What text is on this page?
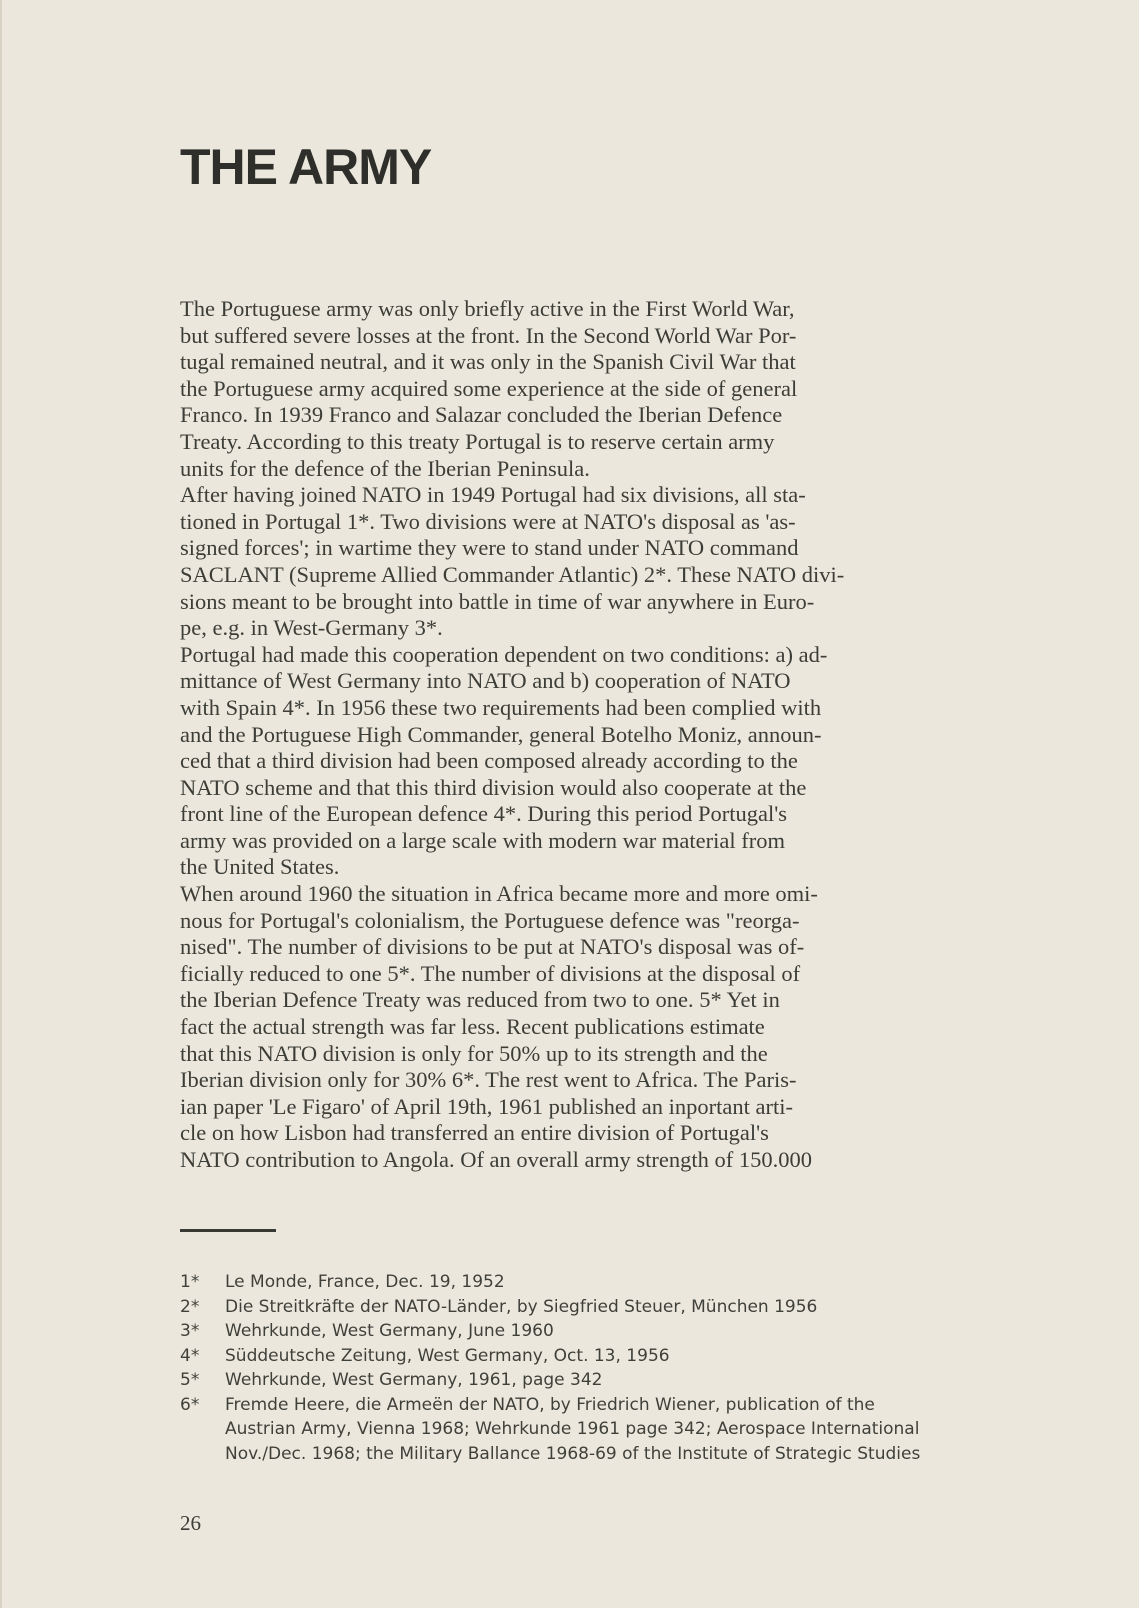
THE ARMY
The Portuguese army was only briefly active in the First World War,
but suffered severe losses at the front. In the Second World War Por-
tugal remained neutral, and it was only in the Spanish Civil War that
the Portuguese army acquired some experience at the side of general
Franco. In 1939 Franco and Salazar concluded the Iberian Defence
Treaty. According to this treaty Portugal is to reserve certain army
units for the defence of the Iberian Peninsula.
After having joined NATO in 1949 Portugal had six divisions, all sta-
tioned in Portugal 1*. Two divisions were at NATO's disposal as 'as-
signed forces'; in wartime they were to stand under NATO command
SACLANT (Supreme Allied Commander Atlantic) 2*. These NATO divi-
sions meant to be brought into battle in time of war anywhere in Euro-
pe, e.g. in West-Germany 3*.
Portugal had made this cooperation dependent on two conditions: a) ad-
mittance of West Germany into NATO and b) cooperation of NATO
with Spain 4*. In 1956 these two requirements had been complied with
and the Portuguese High Commander, general Botelho Moniz, announ-
ced that a third division had been composed already according to the
NATO scheme and that this third division would also cooperate at the
front line of the European defence 4*. During this period Portugal's
army was provided on a large scale with modern war material from
the United States.
When around 1960 the situation in Africa became more and more omi-
nous for Portugal's colonialism, the Portuguese defence was "reorga-
nised". The number of divisions to be put at NATO's disposal was of-
ficially reduced to one 5*. The number of divisions at the disposal of
the Iberian Defence Treaty was reduced from two to one. 5* Yet in
fact the actual strength was far less. Recent publications estimate
that this NATO division is only for 50% up to its strength and the
Iberian division only for 30% 6*. The rest went to Africa. The Paris-
ian paper 'Le Figaro' of April 19th, 1961 published an inportant arti-
cle on how Lisbon had transferred an entire division of Portugal's
NATO contribution to Angola. Of an overall army strength of 150.000
1*	Le Monde, France, Dec. 19, 1952
2*	Die Streitkräfte der NATO-Länder, by Siegfried Steuer, München 1956
3*	Wehrkunde, West Germany, June 1960
4*	Süddeutsche Zeitung, West Germany, Oct. 13, 1956
5*	Wehrkunde, West Germany, 1961, page 342
6*	Fremde Heere, die Armeën der NATO, by Friedrich Wiener, publication of the
Austrian Army, Vienna 1968; Wehrkunde 1961 page 342; Aerospace International
Nov./Dec. 1968; the Military Ballance 1968-69 of the Institute of Strategic Studies
26
